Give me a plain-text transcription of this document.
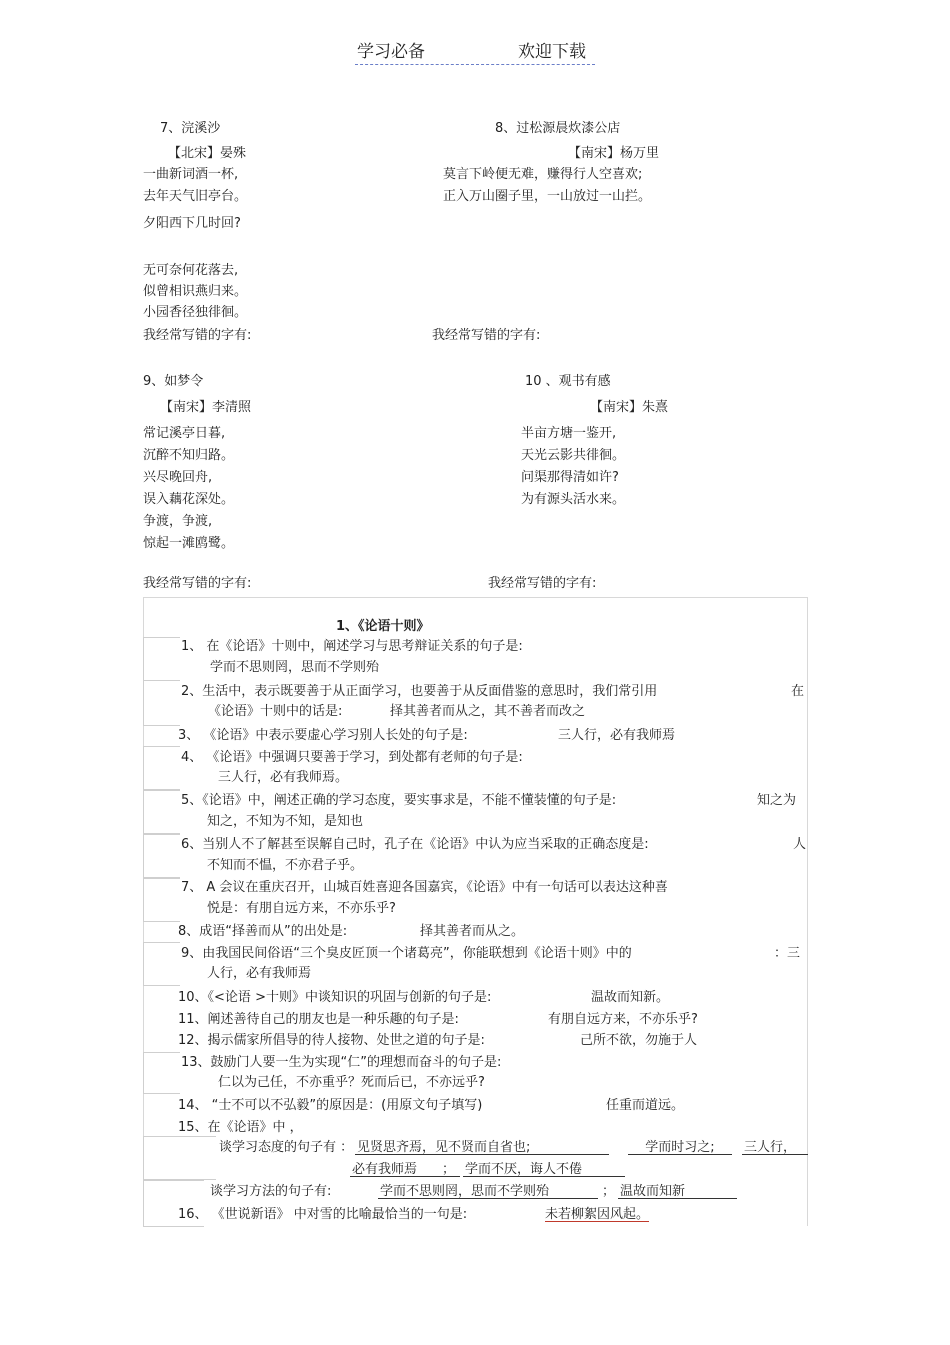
学习必备	欢迎下载
7、浣溪沙
【北宋】晏殊
一曲新词酒一杯,
去年天气旧亭台。
夕阳西下几时回?
无可奈何花落去,
似曾相识燕归来。
小园香径独徘徊。
我经常写错的字有:
8、过松源晨炊漆公店
【南宋】杨万里
莫言下岭便无难，赚得行人空喜欢;
正入万山圈子里，一山放过一山拦。
我经常写错的字有:
9、如梦令
【南宋】李清照
常记溪亭日暮,
沉醉不知归路。
兴尽晚回舟,
误入藕花深处。
争渡，争渡,
惊起一滩鸥鹭。
我经常写错的字有:
10 、观书有感
【南宋】朱熹
半亩方塘一鉴开,
天光云影共徘徊。
问渠那得清如许?
为有源头活水来。
我经常写错的字有:
1、《论语十则》
1、 在《论语》十则中，阐述学习与思考辩证关系的句子是:
学而不思则罔，思而不学则殆
2、生活中，表示既要善于从正面学习，也要善于从反面借鉴的意思时，我们常引用	在
《论语》十则中的话是:	择其善者而从之，其不善者而改之
3、 《论语》中表示要虚心学习别人长处的句子是:	三人行，必有我师焉
4、 《论语》中强调只要善于学习，到处都有老师的句子是:
三人行，必有我师焉。
5、《论语》中，阐述正确的学习态度，要实事求是，不能不懂装懂的句子是:	知之为
知之，不知为不知，是知也
6、当别人不了解甚至误解自己时，孔子在《论语》中认为应当采取的正确态度是:	人
不知而不愠，不亦君子乎。
7、 A 会议在重庆召开，山城百姓喜迎各国嘉宾，《论语》中有一句话可以表达这种喜
悦是：有朋自远方来，不亦乐乎?
8、成语“择善而从”的出处是:	择其善者而从之。
9、由我国民间俗语“三个臭皮匠顶一个诸葛亮”，你能联想到《论语十则》中的	：三
人行，必有我师焉
10、《<论语 >十则》中谈知识的巩固与创新的句子是:	温故而知新。
11、阐述善待自己的朋友也是一种乐趣的句子是:	有朋自远方来，不亦乐乎?
12、揭示儒家所倡导的待人接物、处世之道的句子是:	己所不欲，勿施于人
13、鼓励门人要一生为实现“仁”的理想而奋斗的句子是:
仁以为己任，不亦重乎？死而后已，不亦远乎?
14、 “士不可以不弘毅”的原因是：(用原文句子填写)	任重而道远。
15、在《论语》中 ，
谈学习态度的句子有 ： 见贤思齐焉，见不贤而自省也;	学而时习之;	三人行，
必有我师焉	； 学而不厌，诲人不倦
谈学习方法的句子有:	学而不思则罔，思而不学则殆	； 温故而知新
16、 《世说新语》 中对雪的比喻最恰当的一句是:	未若柳絮因风起。
